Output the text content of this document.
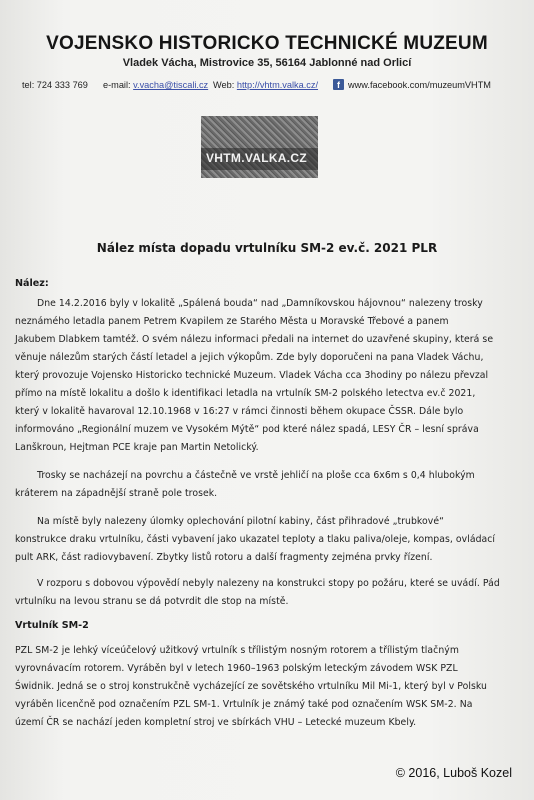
VOJENSKO HISTORICKO TECHNICKÉ MUZEUM
Vladek Vácha, Mistrovice 35, 56164 Jablonné nad Orlicí
tel: 724 333 769 e-mail: v.vacha@tiscali.cz Web: http://vhtm.valka.cz/	f www.facebook.com/muzeumVHTM
VHTM.VALKA.CZ
Nález místa dopadu vrtulníku SM-2 ev.č. 2021 PLR
Nález:
Dne 14.2.2016 byly v lokalitě „Spálená bouda“ nad „Damníkovskou hájovnou“ nalezeny trosky
neznámého letadla panem Petrem Kvapilem ze Starého Města u Moravské Třebové a panem
Jakubem Dlabkem tamtéž. O svém nálezu informaci předali na internet do uzavřené skupiny, která se
věnuje nálezům starých částí letadel a jejich výkopům. Zde byly doporučeni na pana Vladek Váchu,
který provozuje Vojensko Historicko technické Muzeum. Vladek Vácha cca 3hodiny po nálezu převzal
přímo na místě lokalitu a došlo k identifikaci letadla na vrtulník SM-2 polského letectva ev.č 2021,
který v lokalitě havaroval 12.10.1968 v 16:27 v rámci činnosti během okupace ČSSR. Dále bylo
informováno „Regionální muzem ve Vysokém Mýtě“ pod které nález spadá, LESY ČR – lesní správa
Lanškroun, Hejtman PCE kraje pan Martin Netolický.
Trosky se nacházejí na povrchu a částečně ve vrstě jehličí na ploše cca 6x6m s 0,4 hlubokým
kráterem na západnější straně pole trosek.
Na místě byly nalezeny úlomky oplechování pilotní kabiny, část přihradové „trubkové“
konstrukce draku vrtulníku, části vybavení jako ukazatel teploty a tlaku paliva/oleje, kompas, ovládací
pult ARK, část radiovybavení. Zbytky listů rotoru a další fragmenty zejména prvky řízení.
V rozporu s dobovou výpovědí nebyly nalezeny na konstrukci stopy po požáru, které se uvádí. Pád
vrtulníku na levou stranu se dá potvrdit dle stop na místě.
Vrtulník SM-2
PZL SM-2 je lehký víceúčelový užitkový vrtulník s třílistým nosným rotorem a třílistým tlačným
vyrovnávacím rotorem. Vyráběn byl v letech 1960–1963 polským leteckým závodem WSK PZL
Świdnik. Jedná se o stroj konstrukčně vycházející ze sovětského vrtulníku Mil Mi-1, který byl v Polsku
vyráběn licenčně pod označením PZL SM-1. Vrtulník je známý také pod označením WSK SM-2. Na
území ČR se nachází jeden kompletní stroj ve sbírkách VHU – Letecké muzeum Kbely.
© 2016, Luboš Kozel
